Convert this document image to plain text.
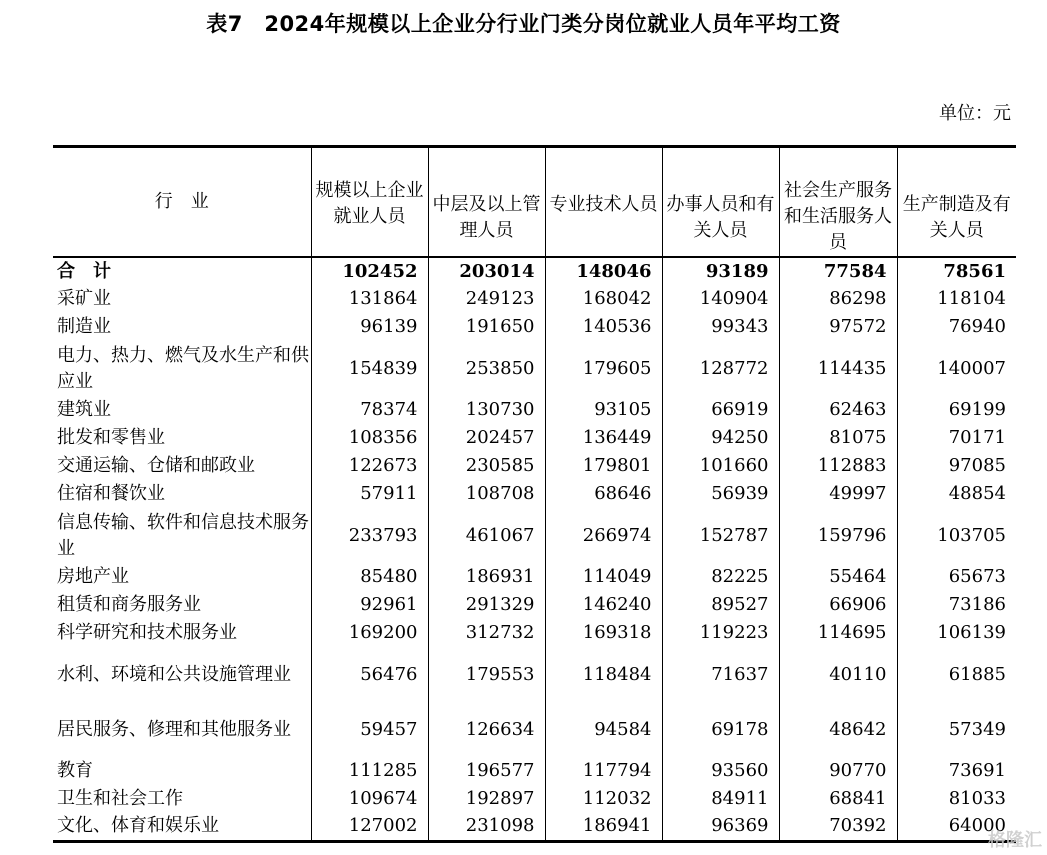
表7　2024年规模以上企业分行业门类分岗位就业人员年平均工资
单位：元
行　业	规模以上企业就业人员	中层及以上管理人员	专业技术人员	办事人员和有关人员	社会生产服务和生活服务人员	生产制造及有关人员

合　计	102452	203014	148046	93189	77584	78561
采矿业	131864	249123	168042	140904	86298	118104
制造业	96139	191650	140536	99343	97572	76940
电力、热力、燃气及水生产和供应业	154839	253850	179605	128772	114435	140007
建筑业	78374	130730	93105	66919	62463	69199
批发和零售业	108356	202457	136449	94250	81075	70171
交通运输、仓储和邮政业	122673	230585	179801	101660	112883	97085
住宿和餐饮业	57911	108708	68646	56939	49997	48854
信息传输、软件和信息技术服务业	233793	461067	266974	152787	159796	103705
房地产业	85480	186931	114049	82225	55464	65673
租赁和商务服务业	92961	291329	146240	89527	66906	73186
科学研究和技术服务业	169200	312732	169318	119223	114695	106139
水利、环境和公共设施管理业	56476	179553	118484	71637	40110	61885
居民服务、修理和其他服务业	59457	126634	94584	69178	48642	57349
教育	111285	196577	117794	93560	90770	73691
卫生和社会工作	109674	192897	112032	84911	68841	81033
文化、体育和娱乐业	127002	231098	186941	96369	70392	64000
格隆汇
